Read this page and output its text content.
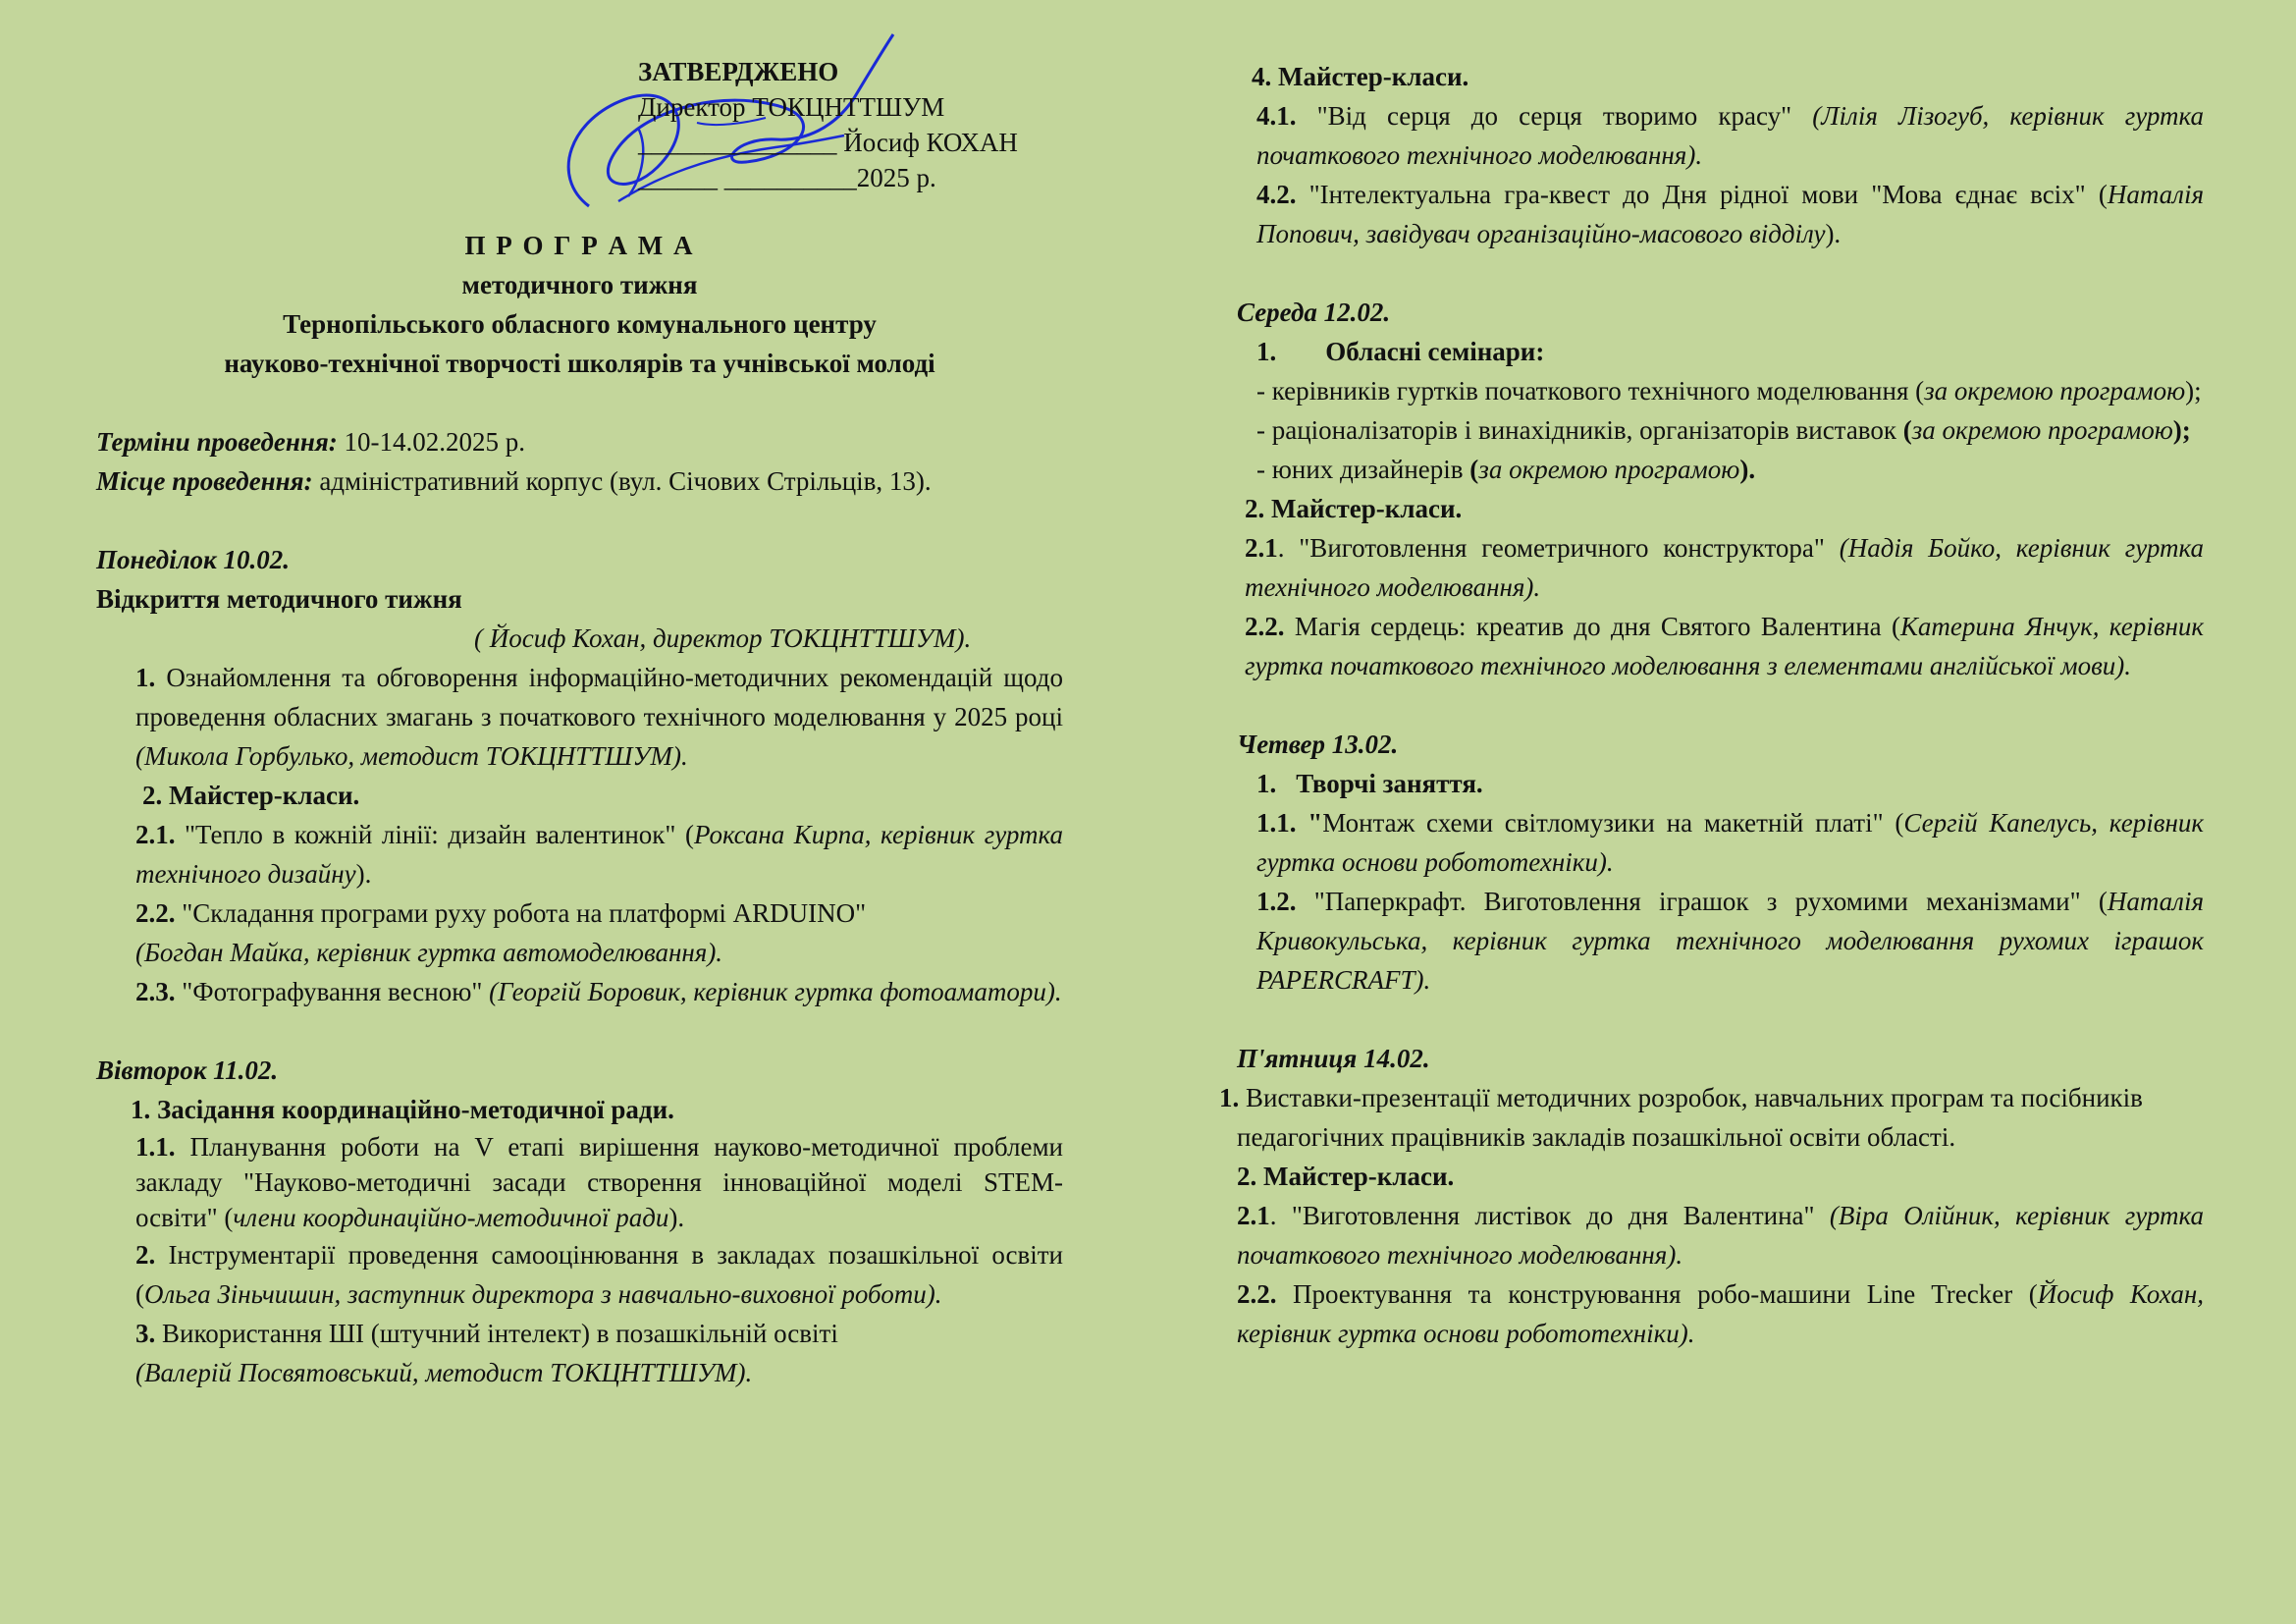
ЗАТВЕРДЖЕНО
Директор ТОКЦНТТШУМ
_______________ Йосиф КОХАН
______ __________2025 р.

П Р О Г Р А М А

методичного тижня

Тернопільського обласного комунального центру

науково-технічної творчості школярів та учнівської молоді

Терміни проведення: 10-14.02.2025 р.

Місце проведення: адміністративний корпус (вул. Січових Стрільців, 13).

Понеділок 10.02.

Відкриття методичного тижня

( Йосиф Кохан, директор ТОКЦНТТШУМ).

1. Ознайомлення та обговорення інформаційно-методичних рекомендацій щодо проведення обласних змагань з початкового технічного моделювання у 2025 році (Микола Горбулько, методист ТОКЦНТТШУМ).

2. Майстер-класи.

2.1. "Тепло в кожній лінії: дизайн валентинок" (Роксана Кирпа, керівник гуртка технічного дизайну).

2.2. "Складання програми руху робота на платформі ARDUINO"
(Богдан Майка, керівник гуртка автомоделювання).

2.3. "Фотографування весною" (Георгій Боровик, керівник гуртка фотоаматори).

Вівторок 11.02.

1. Засідання координаційно-методичної ради.

1.1. Планування роботи на V етапі вирішення науково-методичної проблеми закладу "Науково-методичні засади створення інноваційної моделі STEM- освіти" (члени координаційно-методичної ради).

2. Інструментарії проведення самооцінювання в закладах позашкільної освіти (Ольга Зіньчишин, заступник директора з навчально-виховної роботи).

3. Використання ШІ (штучний інтелект) в позашкільній освіті
(Валерій Посвятовський, методист ТОКЦНТТШУМ).

4. Майстер-класи.

4.1. "Від серця до серця творимо красу" (Лілія Лізогуб, керівник гуртка початкового технічного моделювання).

4.2. "Інтелектуальна гра-квест до Дня рідної мови "Мова єднає всіх" (Наталія Попович, завідувач організаційно-масового відділу).

Середа 12.02.

1. Обласні семінари:

- керівників гуртків початкового технічного моделювання (за окремою програмою);

- раціоналізаторів і винахідників, організаторів виставок (за окремою програмою);

- юних дизайнерів (за окремою програмою).

2. Майстер-класи.

2.1. "Виготовлення геометричного конструктора" (Надія Бойко, керівник гуртка технічного моделювання).

2.2. Магія сердець: креатив до дня Святого Валентина (Катерина Янчук, керівник гуртка початкового технічного моделювання з елементами англійської мови).

Четвер 13.02.

1. Творчі заняття.

1.1. "Монтаж схеми світломузики на макетній платі" (Сергій Капелусь, керівник гуртка основи робототехніки).

1.2. "Паперкрафт. Виготовлення іграшок з рухомими механізмами" (Наталія Кривокульська, керівник гуртка технічного моделювання рухомих іграшок PAPERCRAFT).

П'ятниця 14.02.

1. Виставки-презентації методичних розробок, навчальних програм та посібників педагогічних працівників закладів позашкільної освіти області.

2. Майстер-класи.

2.1. "Виготовлення листівок до дня Валентина" (Віра Олійник, керівник гуртка початкового технічного моделювання).

2.2. Проектування та конструювання робо-машини Line Trecker (Йосиф Кохан, керівник гуртка основи робототехніки).
